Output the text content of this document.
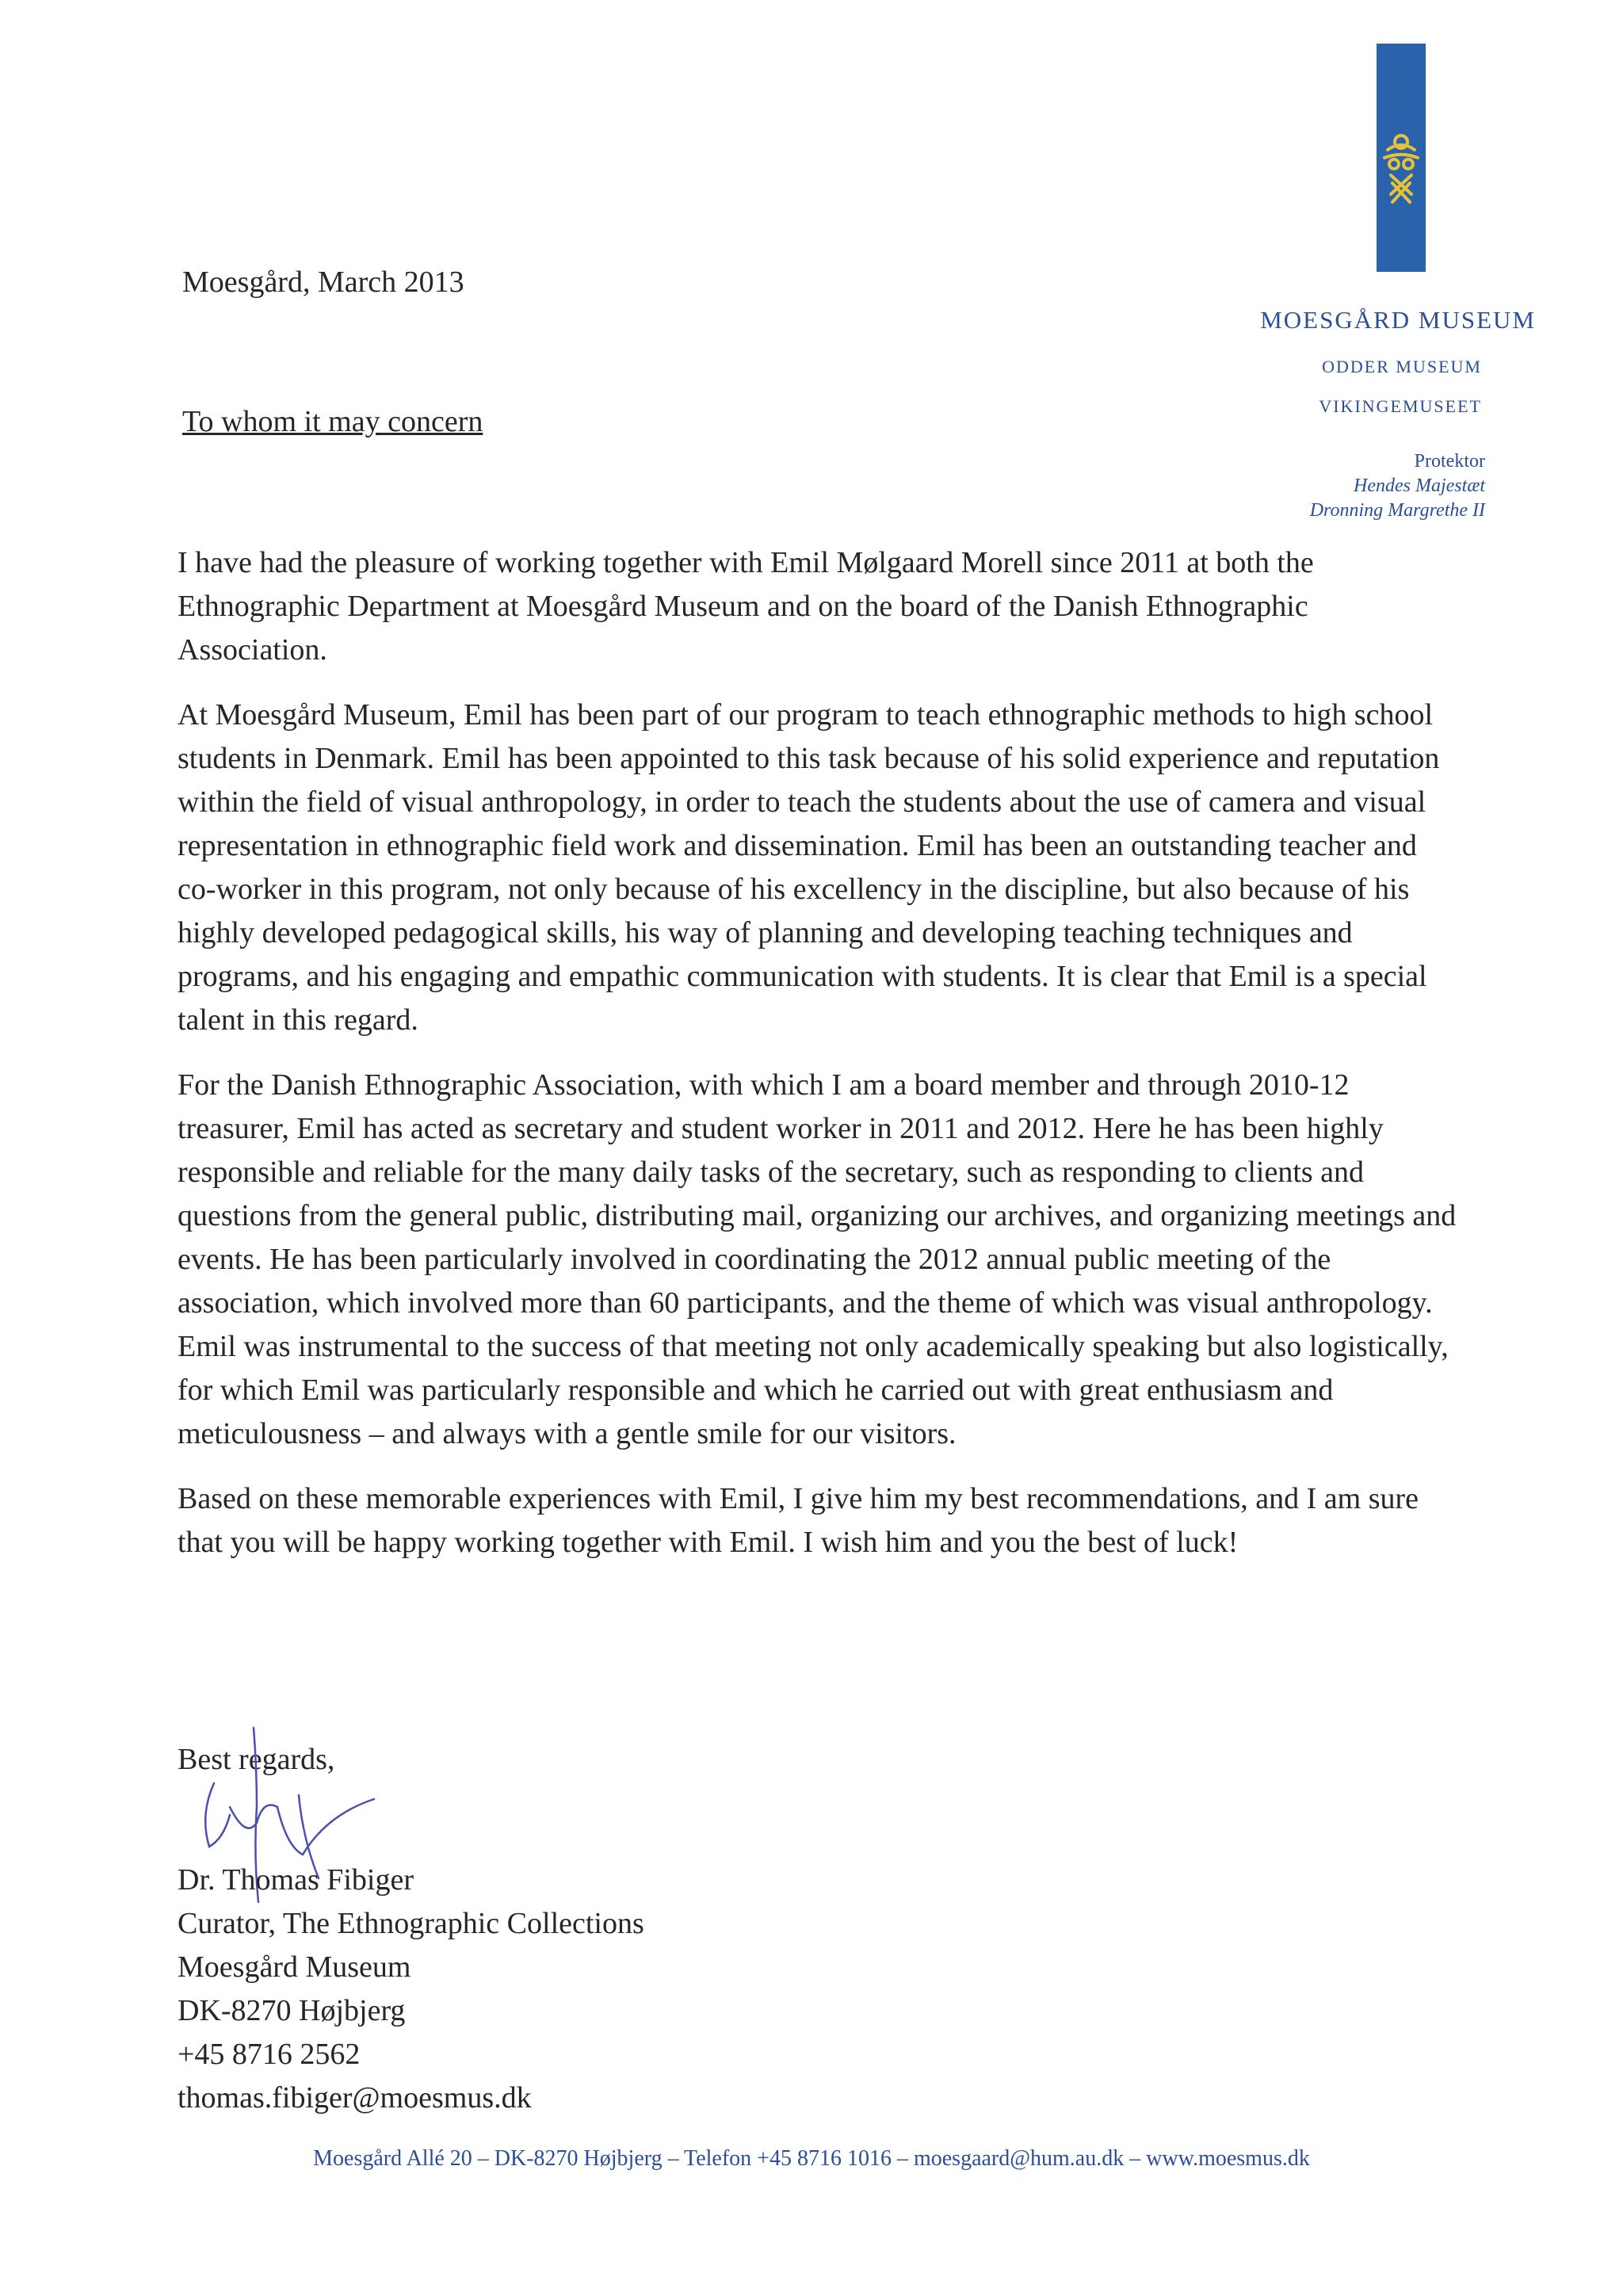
MOESGÅRD MUSEUM
ODDER MUSEUM
VIKINGEMUSEET
Protektor
Hendes Majestæt
Dronning Margrethe II
Moesgård, March 2013
To whom it may concern

I have had the pleasure of working together with Emil Mølgaard Morell since 2011 at both the Ethnographic Department at Moesgård Museum and on the board of the Danish Ethnographic Association.

At Moesgård Museum, Emil has been part of our program to teach ethnographic methods to high school students in Denmark. Emil has been appointed to this task because of his solid experience and reputation within the field of visual anthropology, in order to teach the students about the use of camera and visual representation in ethnographic field work and dissemination. Emil has been an outstanding teacher and co-worker in this program, not only because of his excellency in the discipline, but also because of his highly developed pedagogical skills, his way of planning and developing teaching techniques and programs, and his engaging and empathic communication with students. It is clear that Emil is a special talent in this regard.

For the Danish Ethnographic Association, with which I am a board member and through 2010-12 treasurer, Emil has acted as secretary and student worker in 2011 and 2012. Here he has been highly responsible and reliable for the many daily tasks of the secretary, such as responding to clients and questions from the general public, distributing mail, organizing our archives, and organizing meetings and events. He has been particularly involved in coordinating the 2012 annual public meeting of the association, which involved more than 60 participants, and the theme of which was visual anthropology. Emil was instrumental to the success of that meeting not only academically speaking but also logistically, for which Emil was particularly responsible and which he carried out with great enthusiasm and meticulousness – and always with a gentle smile for our visitors.

Based on these memorable experiences with Emil, I give him my best recommendations, and I am sure that you will be happy working together with Emil. I wish him and you the best of luck!

Best regards,
Dr. Thomas Fibiger
Curator, The Ethnographic Collections
Moesgård Museum
DK-8270 Højbjerg
+45 8716 2562
thomas.fibiger@moesmus.dk
Moesgård Allé 20 – DK-8270 Højbjerg – Telefon +45 8716 1016 – moesgaard@hum.au.dk – www.moesmus.dk
